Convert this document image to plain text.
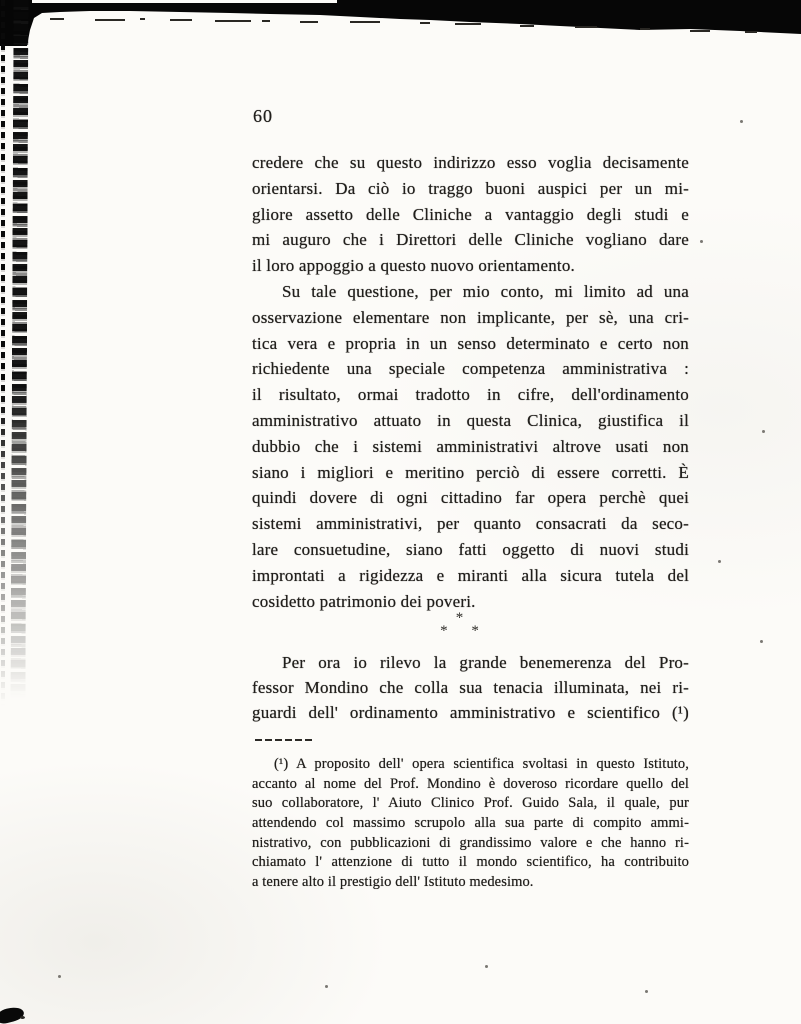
60
credere che su questo indirizzo esso voglia decisamente
orientarsi. Da ciò io traggo buoni auspici per un mi-
gliore assetto delle Cliniche a vantaggio degli studi e
mi auguro che i Direttori delle Cliniche vogliano dare
il loro appoggio a questo nuovo orientamento.
Su tale questione, per mio conto, mi limito ad una
osservazione elementare non implicante, per sè, una cri-
tica vera e propria in un senso determinato e certo non
richiedente una speciale competenza amministrativa :
il risultato, ormai tradotto in cifre, dell'ordinamento
amministrativo attuato in questa Clinica, giustifica il
dubbio che i sistemi amministrativi altrove usati non
siano i migliori e meritino perciò di essere corretti. È
quindi dovere di ogni cittadino far opera perchè quei
sistemi amministrativi, per quanto consacrati da seco-
lare consuetudine, siano fatti oggetto di nuovi studi
improntati a rigidezza e miranti alla sicura tutela del
cosidetto patrimonio dei poveri.
Per ora io rilevo la grande benemerenza del Pro-
fessor Mondino che colla sua tenacia illuminata, nei ri-
guardi dell' ordinamento amministrativo e scientifico (¹)
*
* *
(¹) A proposito dell' opera scientifica svoltasi in questo Istituto,
accanto al nome del Prof. Mondino è doveroso ricordare quello del
suo collaboratore, l' Aiuto Clinico Prof. Guido Sala, il quale, pur
attendendo col massimo scrupolo alla sua parte di compito ammi-
nistrativo, con pubblicazioni di grandissimo valore e che hanno ri-
chiamato l' attenzione di tutto il mondo scientifico, ha contribuito
a tenere alto il prestigio dell' Istituto medesimo.
